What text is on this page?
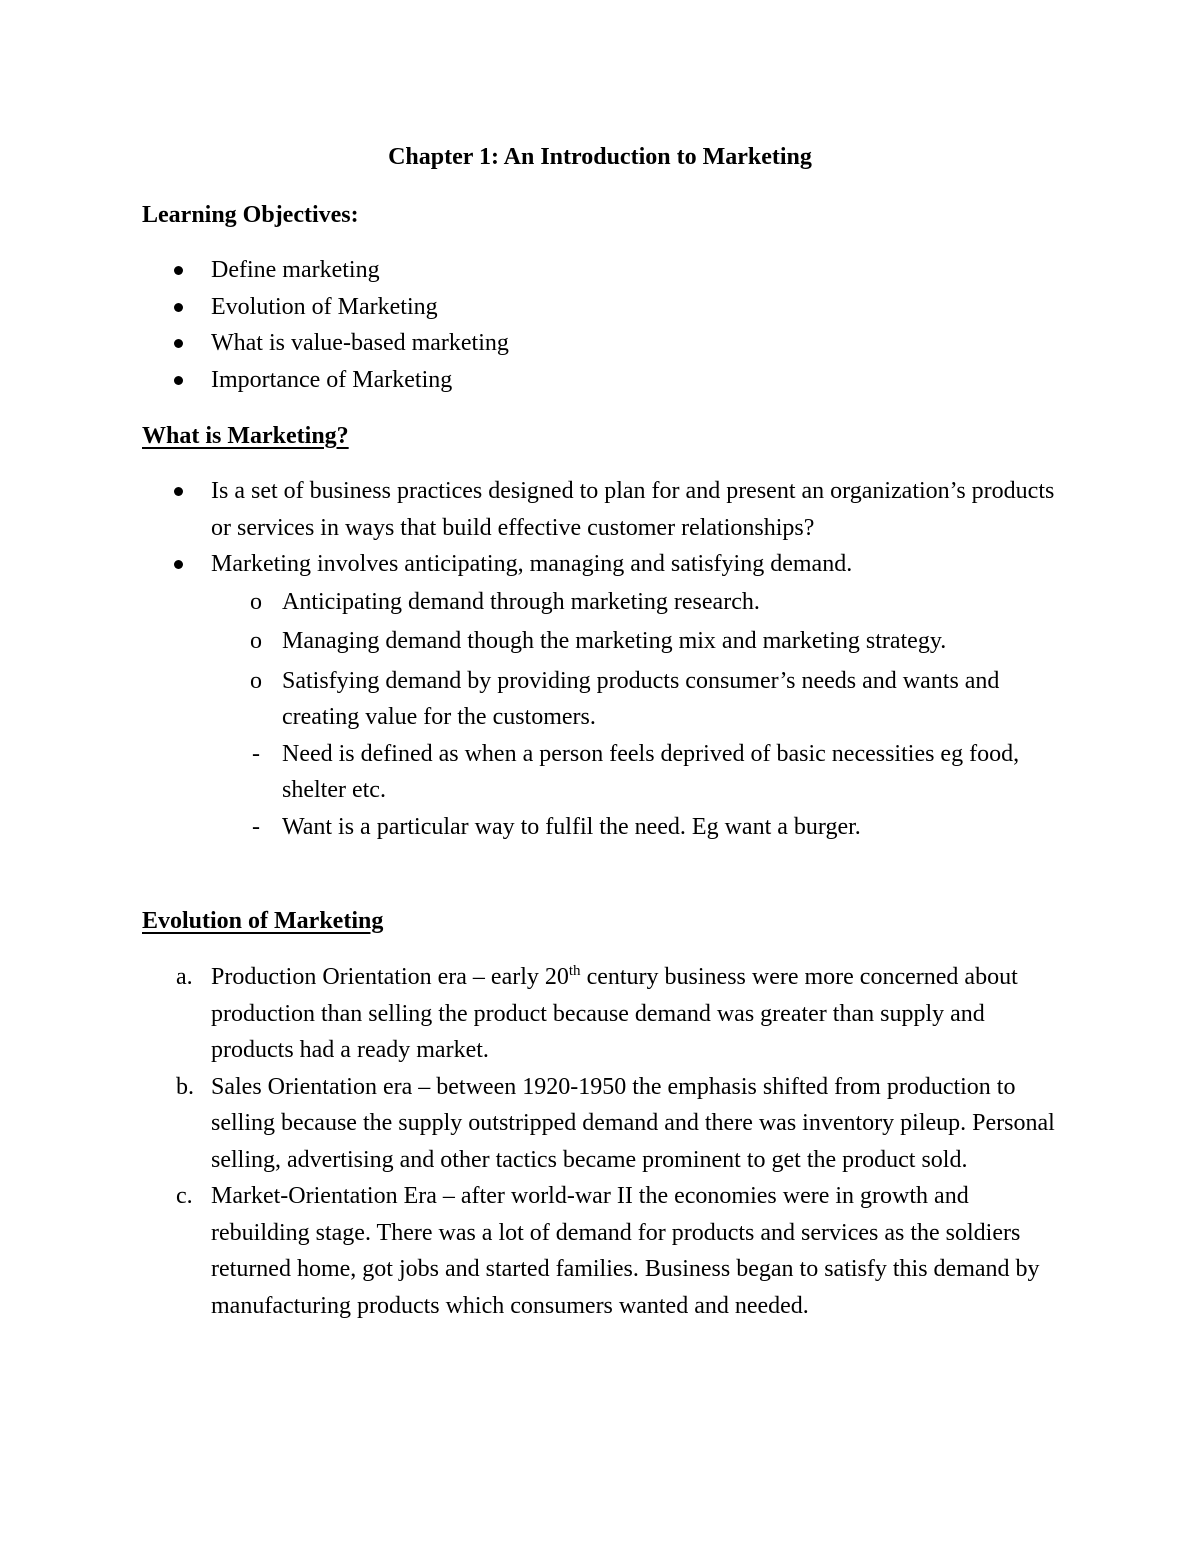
Chapter 1: An Introduction to Marketing
Learning Objectives:
Define marketing
Evolution of Marketing
What is value-based marketing
Importance of Marketing
What is Marketing?
Is a set of business practices designed to plan for and present an organization’s products or services in ways that build effective customer relationships?
Marketing involves anticipating, managing and satisfying demand.
o Anticipating demand through marketing research.
o Managing demand though the marketing mix and marketing strategy.
o Satisfying demand by providing products consumer’s needs and wants and creating value for the customers.
- Need is defined as when a person feels deprived of basic necessities eg food, shelter etc.
- Want is a particular way to fulfil the need. Eg want a burger.
Evolution of Marketing
a. Production Orientation era – early 20th century business were more concerned about production than selling the product because demand was greater than supply and products had a ready market.
b. Sales Orientation era – between 1920-1950 the emphasis shifted from production to selling because the supply outstripped demand and there was inventory pileup. Personal selling, advertising and other tactics became prominent to get the product sold.
c. Market-Orientation Era – after world-war II the economies were in growth and rebuilding stage. There was a lot of demand for products and services as the soldiers returned home, got jobs and started families. Business began to satisfy this demand by manufacturing products which consumers wanted and needed.
